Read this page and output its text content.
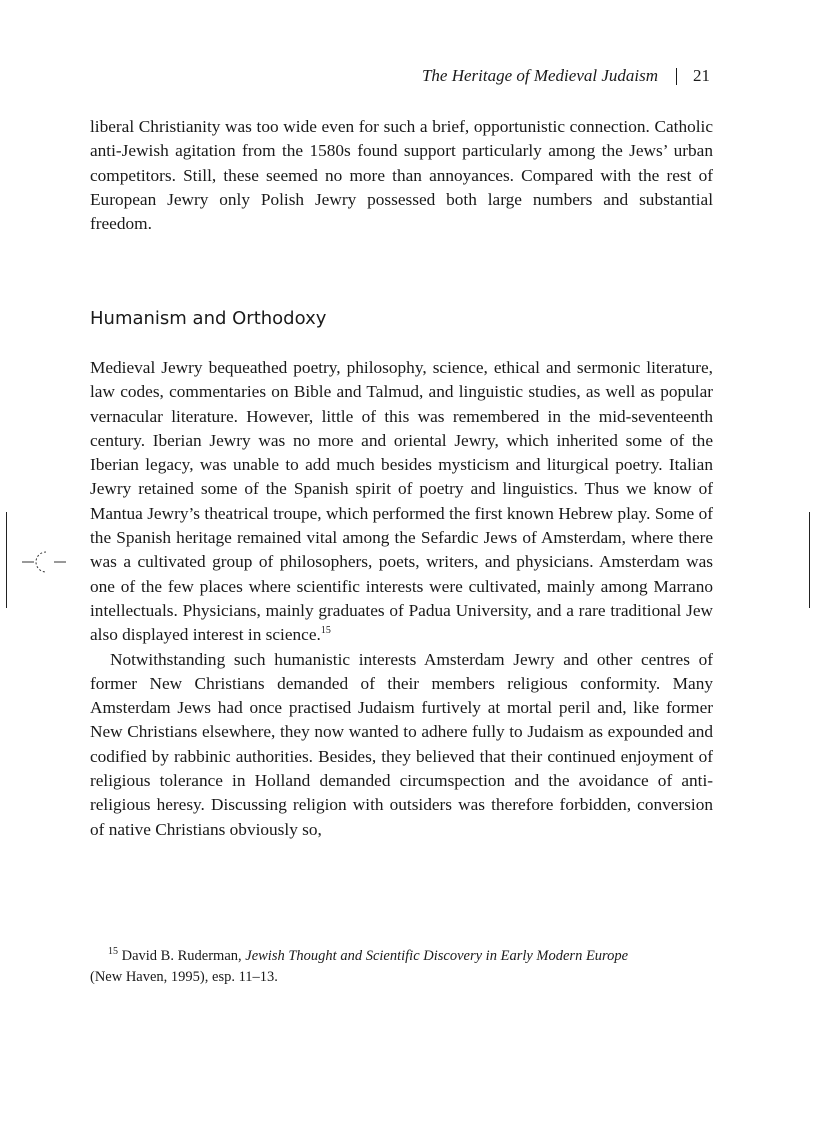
The Heritage of Medieval Judaism 21

liberal Christianity was too wide even for such a brief, opportunistic connection. Catholic anti-Jewish agitation from the 1580s found support particularly among the Jews’ urban competitors. Still, these seemed no more than annoyances. Compared with the rest of European Jewry only Polish Jewry possessed both large numbers and substantial freedom.

Humanism and Orthodoxy

Medieval Jewry bequeathed poetry, philosophy, science, ethical and sermonic literature, law codes, commentaries on Bible and Talmud, and linguistic studies, as well as popular vernacular literature. However, little of this was remembered in the mid-seventeenth century. Iberian Jewry was no more and oriental Jewry, which inherited some of the Iberian legacy, was unable to add much besides mysticism and liturgical poetry. Italian Jewry retained some of the Spanish spirit of poetry and linguistics. Thus we know of Mantua Jewry’s theatrical troupe, which performed the first known Hebrew play. Some of the Spanish heritage remained vital among the Sefardic Jews of Amsterdam, where there was a cultivated group of philosophers, poets, writers, and physicians. Amsterdam was one of the few places where scientific interests were cultivated, mainly among Marrano intellectuals. Physicians, mainly graduates of Padua University, and a rare traditional Jew also displayed interest in science.$^{15}$

Notwithstanding such humanistic interests Amsterdam Jewry and other centres of former New Christians demanded of their members religious conformity. Many Amsterdam Jews had once practised Judaism furtively at mortal peril and, like former New Christians elsewhere, they now wanted to adhere fully to Judaism as expounded and codified by rabbinic authorities. Besides, they believed that their continued enjoyment of religious tolerance in Holland demanded circumspection and the avoidance of anti-religious heresy. Discussing religion with outsiders was therefore forbidden, conversion of native Christians obviously so,

$^{15}$ David B. Ruderman, Jewish Thought and Scientific Discovery in Early Modern Europe
(New Haven, 1995), esp. 11–13.
